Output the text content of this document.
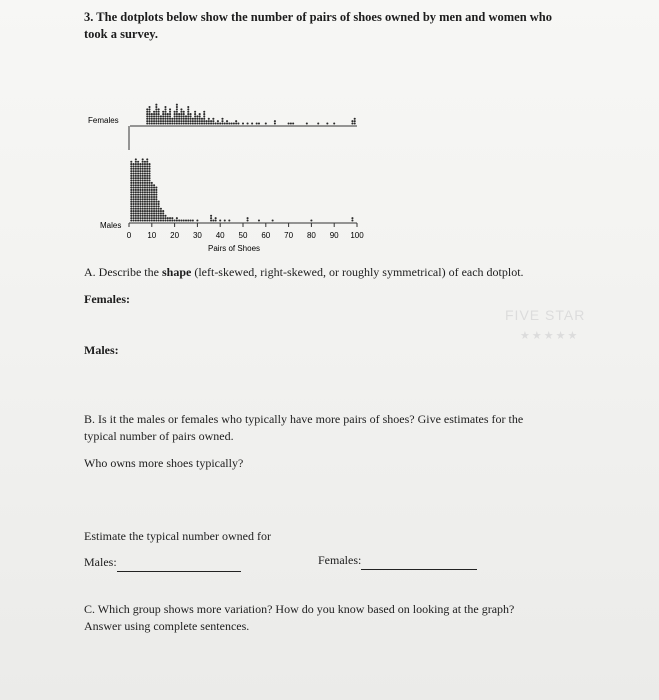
3. The dotplots below show the number of pairs of shoes owned by men and women who
took a survey.
0 10 20 30 40 50 60 70 80 90 100
Females
Males
Pairs of Shoes
A. Describe the shape (left-skewed, right-skewed, or roughly symmetrical) of each dotplot.
Females:
Males:
FIVE STAR
★★★★★
B. Is it the males or females who typically have more pairs of shoes? Give estimates for the
typical number of pairs owned.
Who owns more shoes typically?
Estimate the typical number owned for
Males:	Females:
C. Which group shows more variation? How do you know based on looking at the graph?
Answer using complete sentences.
